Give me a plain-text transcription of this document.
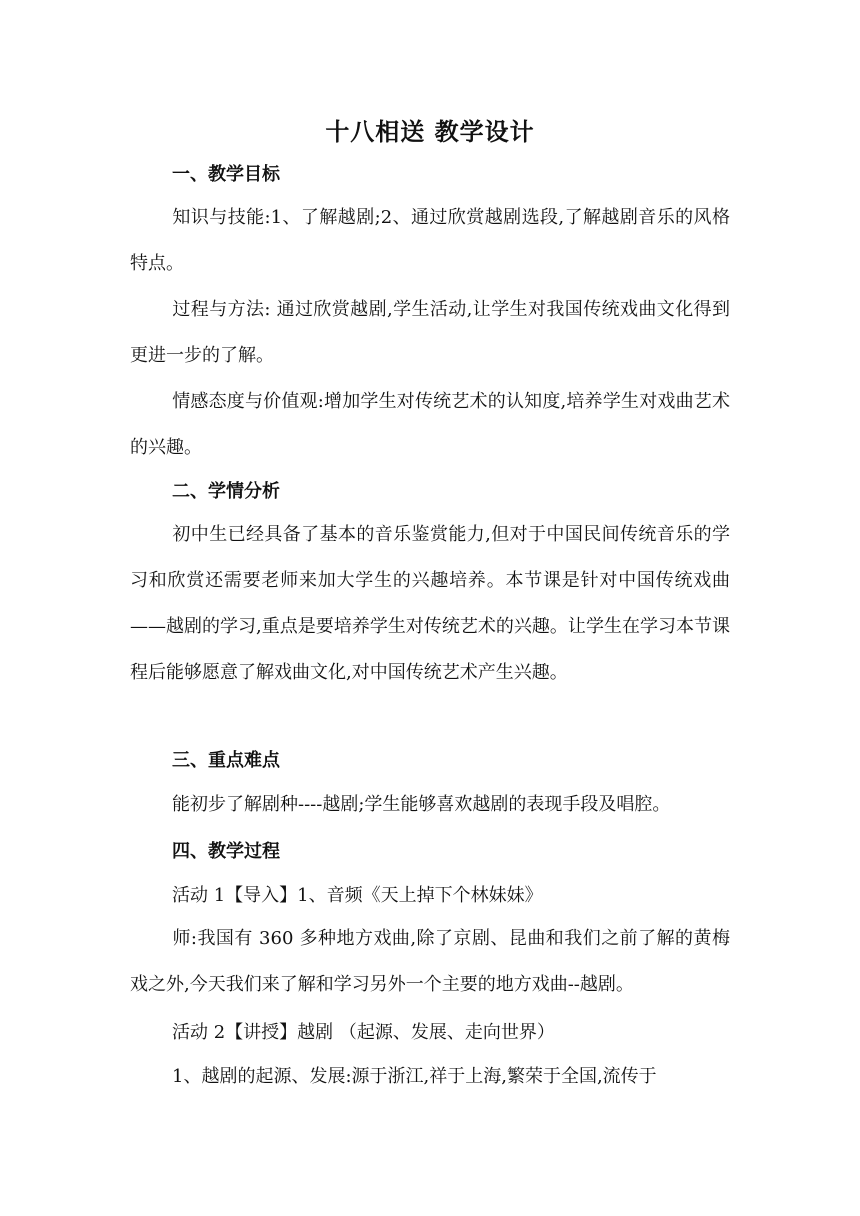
十八相送 教学设计
一、教学目标
知识与技能:1、了解越剧;2、通过欣赏越剧选段,了解越剧音乐的风格特点。
过程与方法: 通过欣赏越剧,学生活动,让学生对我国传统戏曲文化得到更进一步的了解。
情感态度与价值观:增加学生对传统艺术的认知度,培养学生对戏曲艺术的兴趣。
二、学情分析
初中生已经具备了基本的音乐鉴赏能力,但对于中国民间传统音乐的学习和欣赏还需要老师来加大学生的兴趣培养。本节课是针对中国传统戏曲——越剧的学习,重点是要培养学生对传统艺术的兴趣。让学生在学习本节课程后能够愿意了解戏曲文化,对中国传统艺术产生兴趣。
三、重点难点
能初步了解剧种----越剧;学生能够喜欢越剧的表现手段及唱腔。
四、教学过程
活动 1【导入】1、音频《天上掉下个林妹妹》
师:我国有 360 多种地方戏曲,除了京剧、昆曲和我们之前了解的黄梅戏之外,今天我们来了解和学习另外一个主要的地方戏曲--越剧。
活动 2【讲授】越剧 （起源、发展、走向世界）
1、越剧的起源、发展:源于浙江,祥于上海,繁荣于全国,流传于
